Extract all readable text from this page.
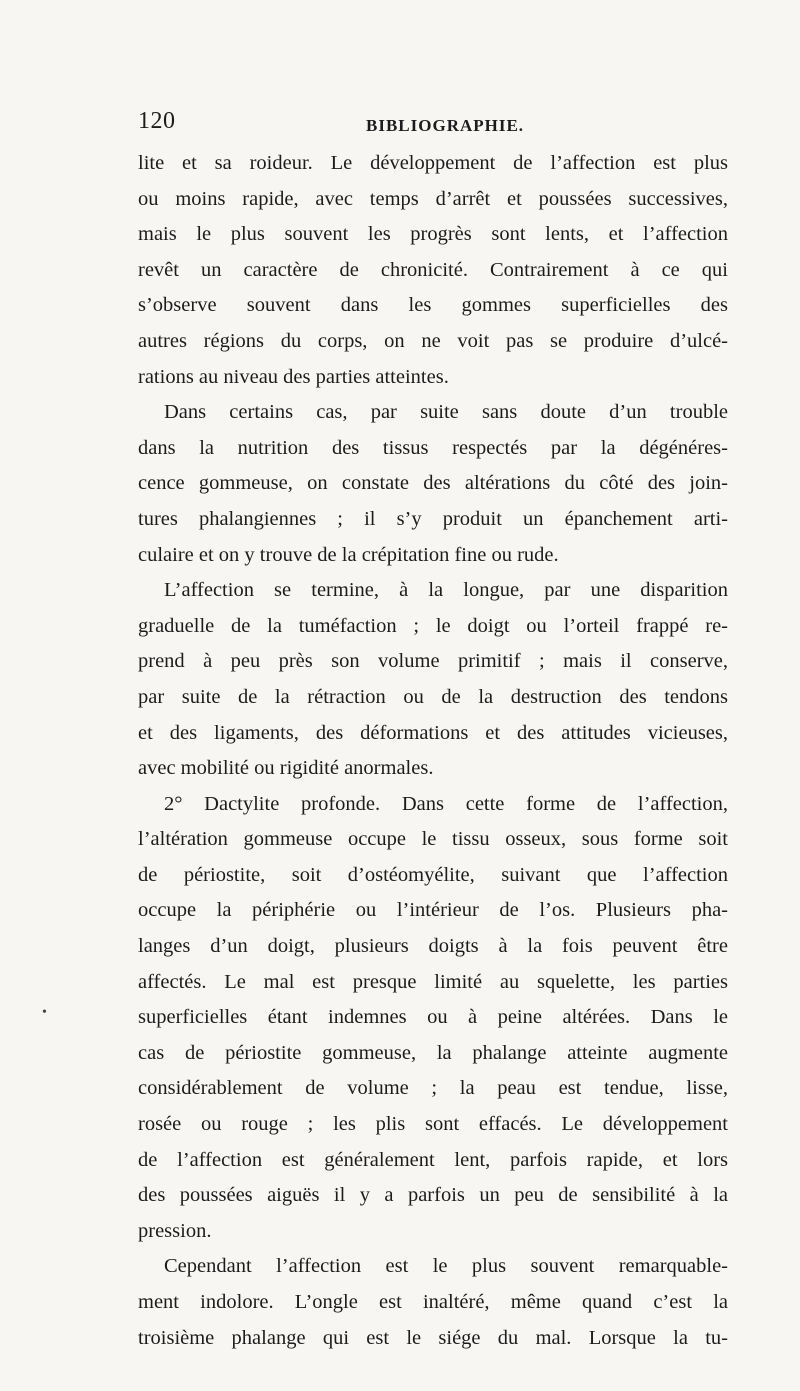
120	BIBLIOGRAPHIE.
•
lite et sa roideur. Le développement de l’affection est plus
ou moins rapide, avec temps d’arrêt et poussées successives,
mais le plus souvent les progrès sont lents, et l’affection
revêt un caractère de chronicité. Contrairement à ce qui
s’observe souvent dans les gommes superficielles des
autres régions du corps, on ne voit pas se produire d’ulcé-
rations au niveau des parties atteintes.
Dans certains cas, par suite sans doute d’un trouble
dans la nutrition des tissus respectés par la dégénéres-
cence gommeuse, on constate des altérations du côté des join-
tures phalangiennes ; il s’y produit un épanchement arti-
culaire et on y trouve de la crépitation fine ou rude.
L’affection se termine, à la longue, par une disparition
graduelle de la tuméfaction ; le doigt ou l’orteil frappé re-
prend à peu près son volume primitif ; mais il conserve,
par suite de la rétraction ou de la destruction des tendons
et des ligaments, des déformations et des attitudes vicieuses,
avec mobilité ou rigidité anormales.
2° Dactylite profonde. Dans cette forme de l’affection,
l’altération gommeuse occupe le tissu osseux, sous forme soit
de périostite, soit d’ostéomyélite, suivant que l’affection
occupe la périphérie ou l’intérieur de l’os. Plusieurs pha-
langes d’un doigt, plusieurs doigts à la fois peuvent être
affectés. Le mal est presque limité au squelette, les parties
superficielles étant indemnes ou à peine altérées. Dans le
cas de périostite gommeuse, la phalange atteinte augmente
considérablement de volume ; la peau est tendue, lisse,
rosée ou rouge ; les plis sont effacés. Le développement
de l’affection est généralement lent, parfois rapide, et lors
des poussées aiguës il y a parfois un peu de sensibilité à la
pression.
Cependant l’affection est le plus souvent remarquable-
ment indolore. L’ongle est inaltéré, même quand c’est la
troisième phalange qui est le siége du mal. Lorsque la tu-
